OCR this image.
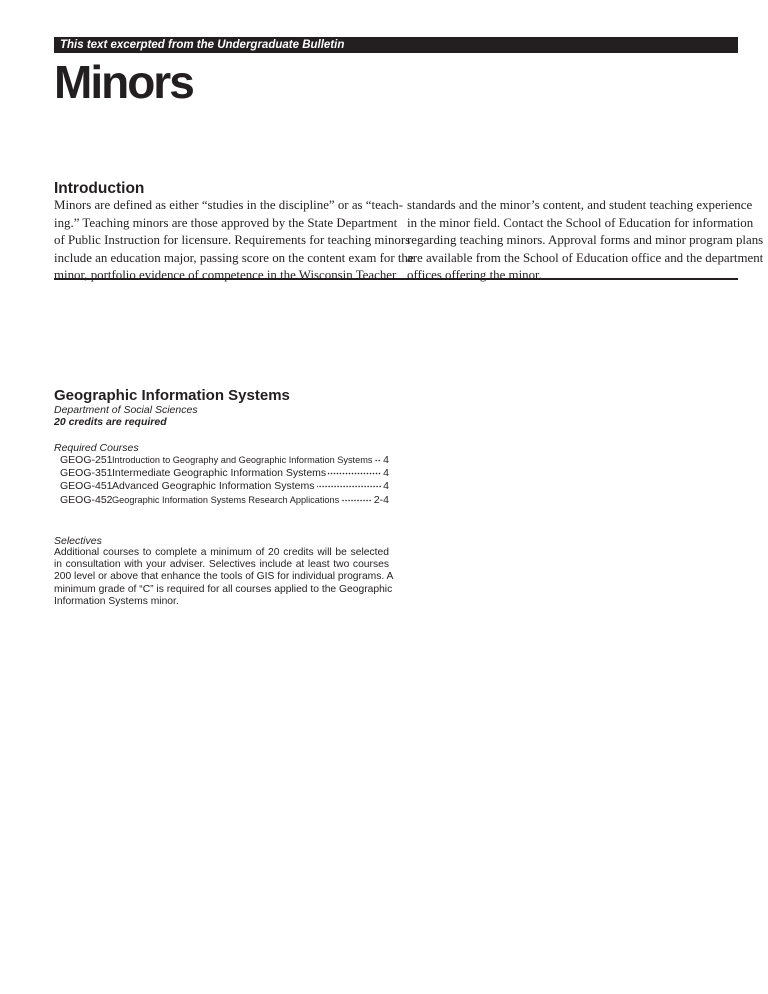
This text excerpted from the Undergraduate Bulletin
Minors
Introduction
Minors are defined as either “studies in the discipline” or as “teach-
ing.” Teaching minors are those approved by the State Department
of Public Instruction for licensure. Requirements for teaching minors
include an education major, passing score on the content exam for the
minor, portfolio evidence of competence in the Wisconsin Teacher
standards and the minor’s content, and student teaching experience
in the minor field. Contact the School of Education for information
regarding teaching minors. Approval forms and minor program plans
are available from the School of Education office and the department
offices offering the minor.
Geographic Information Systems
Department of Social Sciences
20 credits are required
Required Courses
GEOG-251 Introduction to Geography and Geographic Information Systems 4
GEOG-351 Intermediate Geographic Information Systems	4
GEOG-451 Advanced Geographic Information Systems	4
GEOG-452 Geographic Information Systems Research Applications	2-4
Selectives
Additional courses to complete a minimum of 20 credits will be selected
in consultation with your adviser. Selectives include at least two courses
200 level or above that enhance the tools of GIS for individual programs. A
minimum grade of “C” is required for all courses applied to the Geographic
Information Systems minor.
